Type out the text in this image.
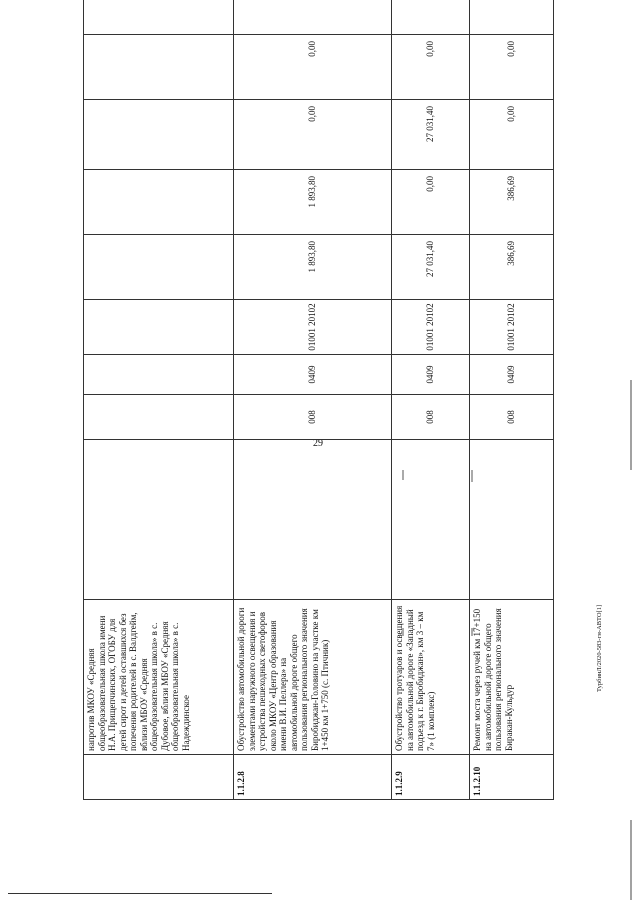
29
ТурбинЛ/2020-583-гн-АВТО[1]
	напротив МКОУ «Средняя общеобразовательная школа имени Н.А. Прищепчинских, ОГОБУ для детей сирот и детей оставшихся без попечения родителей в с. Валдгейм, вблизи МБОУ «Средняя общеобразовательная школа» в с. Дубовое, вблизи МБОУ «Средняя общеобразовательная школа» в с. Надеждинское										
1.1.2.8	Обустройство автомобильной дороги элементами наружного освещения и устройства пешеходных светофоров около МКОУ «Центр образования имени В.И. Пеллера» на автомобильной дороге общего пользования регионального значения Биробиджан-Головино на участке км 1+450 км 1+750 (с. Птичник)		008	0409	01001 20102	1 893,80	1 893,80	0,00	0,00		
1.1.2.9	Обустройство тротуаров и освещения на автомобильной дороге «Западный подъезд к г. Биробиджан», км 3 – км 7» (1 комплекс)		008	0409	01001 20102	27 031,40	0,00	27 031,40	0,00		
1.1.2.10	Ремонт моста через ручей км 17+150 на автомобильной дороге общего пользования регионального значения Биракан-Кульдур		008	0409	01001 20102	386,69	386,69	0,00	0,00		
